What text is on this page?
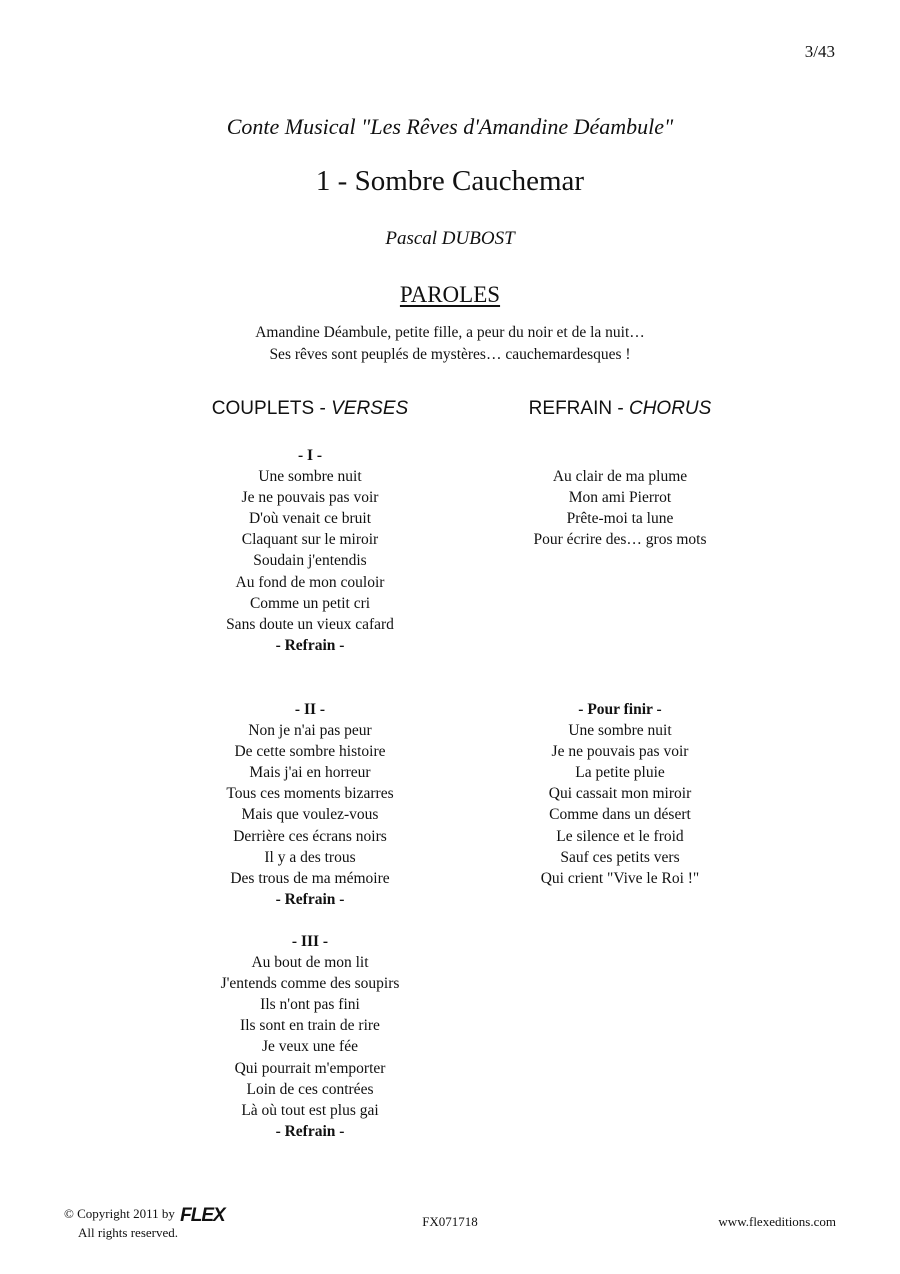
3/43
Conte Musical "Les Rêves d'Amandine Déambule"
1 - Sombre Cauchemar
Pascal DUBOST
PAROLES
Amandine Déambule, petite fille, a peur du noir et de la nuit…
Ses rêves sont peuplés de mystères… cauchemardesques !
COUPLETS - VERSES	REFRAIN - CHORUS
- I -
Une sombre nuit
Je ne pouvais pas voir
D'où venait ce bruit
Claquant sur le miroir
Soudain j'entendis
Au fond de mon couloir
Comme un petit cri
Sans doute un vieux cafard
- Refrain -
- II -
Non je n'ai pas peur
De cette sombre histoire
Mais j'ai en horreur
Tous ces moments bizarres
Mais que voulez-vous
Derrière ces écrans noirs
Il y a des trous
Des trous de ma mémoire
- Refrain -
- III -
Au bout de mon lit
J'entends comme des soupirs
Ils n'ont pas fini
Ils sont en train de rire
Je veux une fée
Qui pourrait m'emporter
Loin de ces contrées
Là où tout est plus gai
- Refrain -
Au clair de ma plume
Mon ami Pierrot
Prête-moi ta lune
Pour écrire des… gros mots
- Pour finir -
Une sombre nuit
Je ne pouvais pas voir
La petite pluie
Qui cassait mon miroir
Comme dans un désert
Le silence et le froid
Sauf ces petits vers
Qui crient "Vive le Roi !"
© Copyright 2011 by FLEX
All rights reserved.
FX071718	www.flexeditions.com
